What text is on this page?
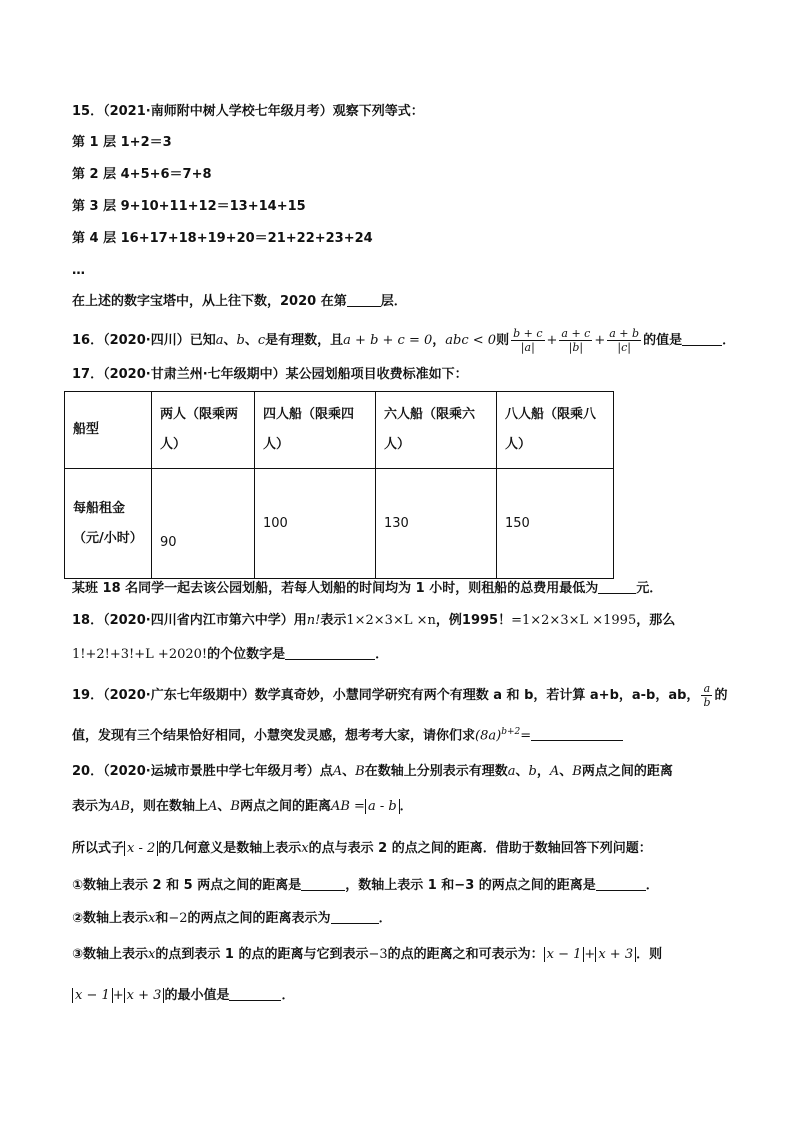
15．（2021·南师附中树人学校七年级月考）观察下列等式：
第 1 层 1+2＝3
第 2 层 4+5+6＝7+8
第 3 层 9+10+11+12＝13+14+15
第 4 层 16+17+18+19+20＝21+22+23+24
…
在上述的数字宝塔中，从上往下数，2020 在第	层．
16．（2020·四川）已知a、b、c是有理数，且a + b + c = 0，abc < 0则 $\frac{b + c}{|a|} + \frac{a + c}{|b|} + \frac{a + b}{|c|}$ 的值是	．
17．（2020·甘肃兰州·七年级期中）某公园划船项目收费标准如下：
船型	两人（限乘两人）	四人船（限乘四人）	六人船（限乘六人）	八人船（限乘八人）
每船租金（元/小时）	90	100	130	150
某班 18 名同学一起去该公园划船，若每人划船的时间均为 1 小时，则租船的总费用最低为	元．
18．（2020·四川省内江市第六中学）用n!表示1×2×3×L ×n，例1995！=1×2×3×L ×1995，那么
1!+2!+3!+L +2020!的个位数字是	．
19．（2020·广东七年级期中）数学真奇妙，小慧同学研究有两个有理数 a 和 b，若计算 a+b，a-b，ab， $\frac{a}{b}$ 的
值，发现有三个结果恰好相同，小慧突发灵感，想考考大家，请你们求$(8a)^{b+2}=$
20．（2020·运城市景胜中学七年级月考）点A、B在数轴上分别表示有理数a、b，A、B两点之间的距离
表示为AB，则在数轴上A、B两点之间的距离AB = a - b ．
所以式子 x - 2 的几何意义是数轴上表示x的点与表示 2 的点之间的距离．借助于数轴回答下列问题：
①数轴上表示 2 和 5 两点之间的距离是	，数轴上表示 1 和−3 的两点之间的距离是	．
②数轴上表示x和−2的两点之间的距离表示为	．
③数轴上表示x的点到表示 1 的点的距离与它到表示−3的点的距离之和可表示为： x − 1 + x + 3 ．则
x − 1 + x + 3 的最小值是	．
